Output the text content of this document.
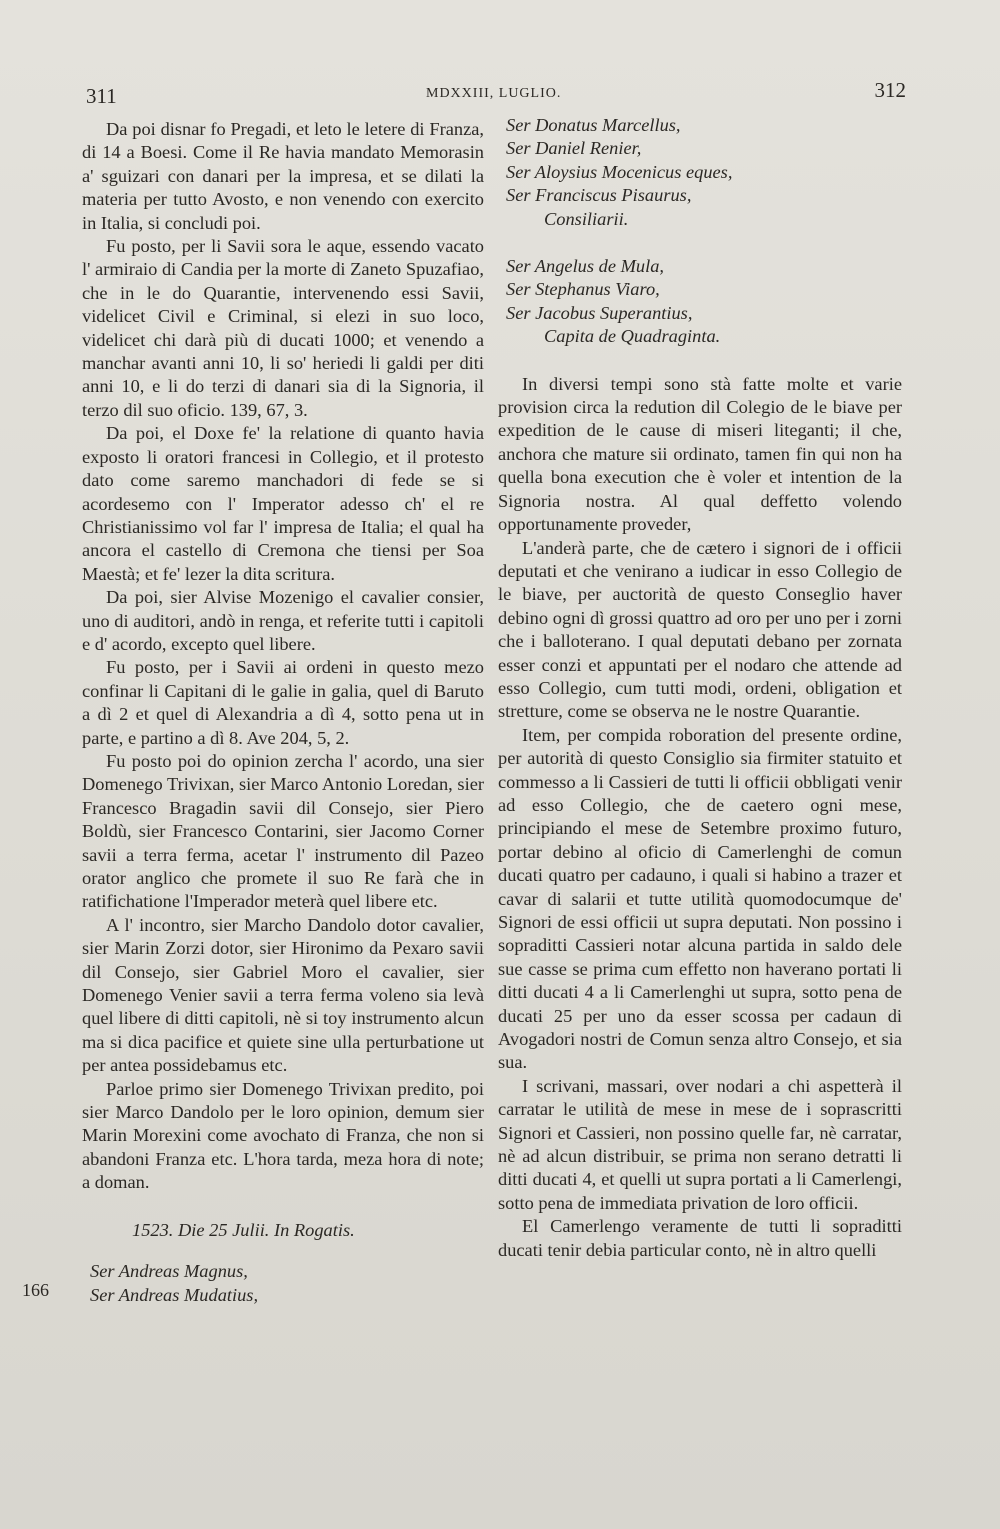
311	MDXXIII, LUGLIO.	312
166

Da poi disnar fo Pregadi, et leto le letere di Franza, di 14 a Boesi. Come il Re havia mandato Memorasin a' sguizari con danari per la impresa, et se dilati la materia per tutto Avosto, e non venendo con exercito in Italia, si concludi poi.

Fu posto, per li Savii sora le aque, essendo vacato l' armiraio di Candia per la morte di Zaneto Spuzafiao, che in le do Quarantie, intervenendo essi Savii, videlicet Civil e Criminal, si elezi in suo loco, videlicet chi darà più di ducati 1000; et venendo a manchar avanti anni 10, li so' heriedi li galdi per diti anni 10, e li do terzi di danari sia di la Signoria, il terzo dil suo oficio. 139, 67, 3.

Da poi, el Doxe fe' la relatione di quanto havia exposto li oratori francesi in Collegio, et il protesto dato come saremo manchadori di fede se si acordesemo con l' Imperator adesso ch' el re Christianissimo vol far l' impresa de Italia; el qual ha ancora el castello di Cremona che tiensi per Soa Maestà; et fe' lezer la dita scritura.

Da poi, sier Alvise Mozenigo el cavalier consier, uno di auditori, andò in renga, et referite tutti i capitoli e d' acordo, excepto quel libere.

Fu posto, per i Savii ai ordeni in questo mezo confinar li Capitani di le galie in galia, quel di Baruto a dì 2 et quel di Alexandria a dì 4, sotto pena ut in parte, e partino a dì 8. Ave 204, 5, 2.

Fu posto poi do opinion zercha l' acordo, una sier Domenego Trivixan, sier Marco Antonio Loredan, sier Francesco Bragadin savii dil Consejo, sier Piero Boldù, sier Francesco Contarini, sier Jacomo Corner savii a terra ferma, acetar l' instrumento dil Pazeo orator anglico che promete il suo Re farà che in ratifichatione l'Imperador meterà quel libere etc.

A l' incontro, sier Marcho Dandolo dotor cavalier, sier Marin Zorzi dotor, sier Hironimo da Pexaro savii dil Consejo, sier Gabriel Moro el cavalier, sier Domenego Venier savii a terra ferma voleno sia levà quel libere di ditti capitoli, nè si toy instrumento alcun ma si dica pacifice et quiete sine ulla perturbatione ut per antea possidebamus etc.

Parloe primo sier Domenego Trivixan predito, poi sier Marco Dandolo per le loro opinion, demum sier Marin Morexini come avochato di Franza, che non si abandoni Franza etc. L'hora tarda, meza hora di note; a doman.

1523. Die 25 Julii. In Rogatis.
Ser Andreas Magnus,
Ser Andreas Mudatius,
Ser Donatus Marcellus,
Ser Daniel Renier,
Ser Aloysius Mocenicus eques,
Ser Franciscus Pisaurus,
Consiliarii.
Ser Angelus de Mula,
Ser Stephanus Viaro,
Ser Jacobus Superantius,
Capita de Quadraginta.

In diversi tempi sono stà fatte molte et varie provision circa la redution dil Colegio de le biave per expedition de le cause di miseri liteganti; il che, anchora che mature sii ordinato, tamen fin qui non ha quella bona execution che è voler et intention de la Signoria nostra. Al qual deffetto volendo opportunamente proveder,

L'anderà parte, che de cætero i signori de i officii deputati et che venirano a iudicar in esso Collegio de le biave, per auctorità de questo Conseglio haver debino ogni dì grossi quattro ad oro per uno per i zorni che i balloterano. I qual deputati debano per zornata esser conzi et appuntati per el nodaro che attende ad esso Collegio, cum tutti modi, ordeni, obligation et stretture, come se observa ne le nostre Quarantie.

Item, per compida roboration del presente ordine, per autorità di questo Consiglio sia firmiter statuito et commesso a li Cassieri de tutti li officii obbligati venir ad esso Collegio, che de caetero ogni mese, principiando el mese de Setembre proximo futuro, portar debino al oficio di Camerlenghi de comun ducati quatro per cadauno, i quali si habino a trazer et cavar di salarii et tutte utilità quomodocumque de' Signori de essi officii ut supra deputati. Non possino i sopraditti Cassieri notar alcuna partida in saldo dele sue casse se prima cum effetto non haverano portati li ditti ducati 4 a li Camerlenghi ut supra, sotto pena de ducati 25 per uno da esser scossa per cadaun di Avogadori nostri de Comun senza altro Consejo, et sia sua.

I scrivani, massari, over nodari a chi aspetterà il carratar le utilità de mese in mese de i soprascritti Signori et Cassieri, non possino quelle far, nè carratar, nè ad alcun distribuir, se prima non serano detratti li ditti ducati 4, et quelli ut supra portati a li Camerlengi, sotto pena de immediata privation de loro officii.

El Camerlengo veramente de tutti li sopraditti ducati tenir debia particular conto, nè in altro quelli
